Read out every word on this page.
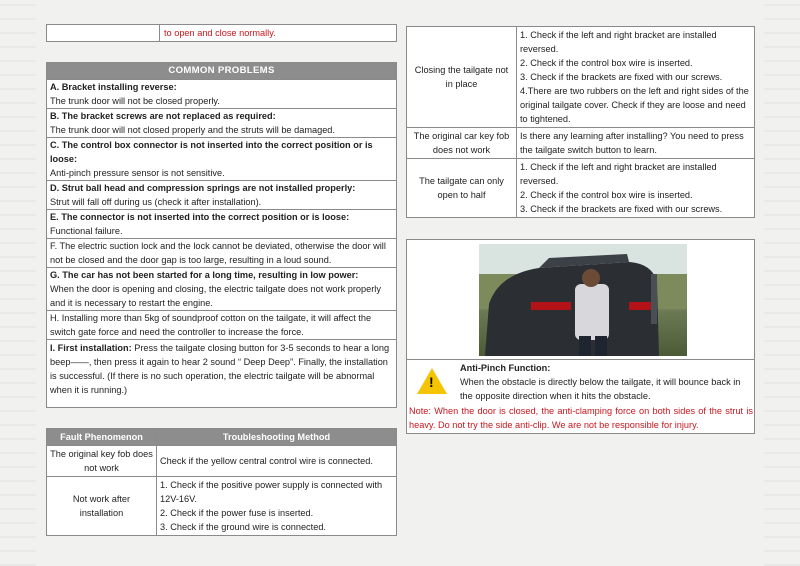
to open and close normally.
COMMON PROBLEMS
A. Bracket installing reverse:
The trunk door will not be closed properly.
B. The bracket screws are not replaced as required:
The trunk door will not closed properly and the struts will be damaged.
C. The control box connector is not inserted into the correct position or is loose:
Anti-pinch pressure sensor is not sensitive.
D. Strut ball head and compression springs are not installed properly:
Strut will fall off during us (check it after installation).
E. The connector is not inserted into the correct position or is loose:
Functional failure.
F. The electric suction lock and the lock cannot be deviated, otherwise the door will not be closed and the door gap is too large, resulting in a loud sound.
G. The car has not been started for a long time, resulting in low power:
When the door is opening and closing, the electric tailgate does not work properly and it is necessary to restart the engine.
H. Installing more than 5kg of soundproof cotton on the tailgate, it will affect the switch gate force and need the controller to increase the force.
I. First installation: Press the tailgate closing button for 3-5 seconds to hear a long beep——, then press it again to hear 2 sound “ Deep Deep”. Finally, the installation is successful. (If there is no such operation, the electric tailgate will be abnormal when it is running.)
Fault Phenomenon	Troubleshooting Method
The original key fob does not work	Check if the yellow central control wire is connected.

Not work after installation	1. Check if the positive power supply is connected with 12V-16V.
2. Check if the power fuse is inserted.
3. Check if the ground wire is connected.
Closing the tailgate not in place	1. Check if the left and right bracket are installed reversed.
2. Check if the control box wire is inserted.
3. Check if the brackets are fixed with our screws.
4.There are two rubbers on the left and right sides of the original tailgate cover. Check if they are loose and need to tightened.

The original car key fob does not work	Is there any learning after installing? You need to press the tailgate switch button to learn.

The tailgate can only open to half	1. Check if the left and right bracket are installed reversed.
2. Check if the control box wire is inserted.
3. Check if the brackets are fixed with our screws.
!
Anti-Pinch Function:
When the obstacle is directly below the tailgate, it will bounce back in the opposite direction when it hits the obstacle.
Note: When the door is closed, the anti-clamping force on both sides of the strut is heavy. Do not try the side anti-clip. We are not be responsible for injury.
